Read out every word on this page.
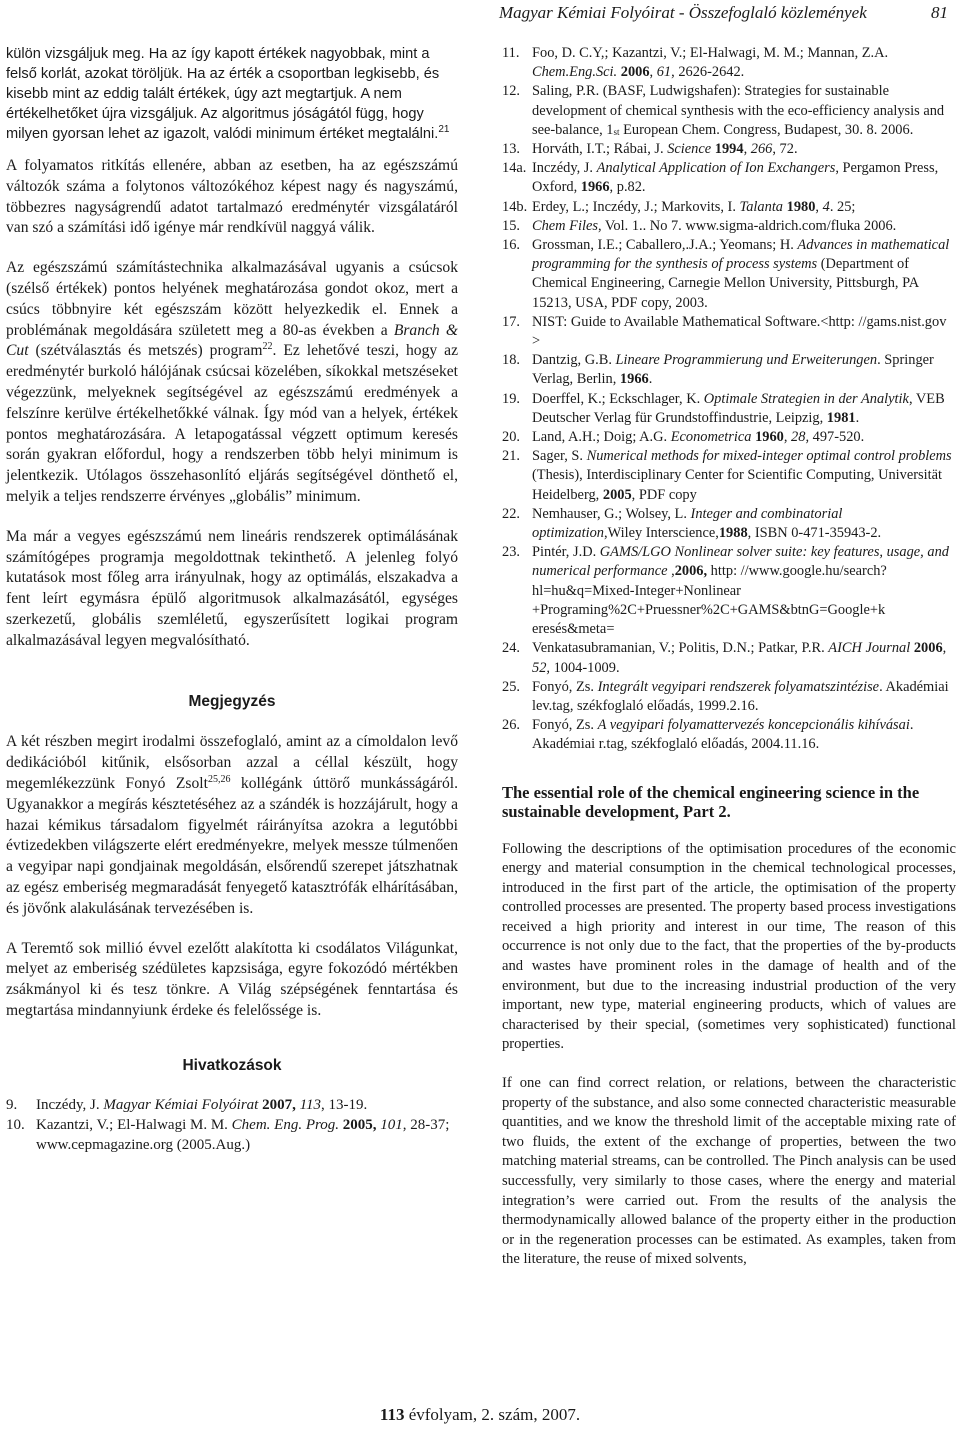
Magyar Kémiai Folyóirat - Összefoglaló közlemények	81

külön vizsgáljuk meg. Ha az így kapott értékek nagyobbak, mint a felső korlát, azokat töröljük. Ha az érték a csoportban legkisebb, és kisebb mint az eddig talált értékek, úgy azt megtartjuk. A nem értékelhetőket újra vizsgáljuk. Az algoritmus jóságától függ, hogy milyen gyorsan lehet az igazolt, valódi minimum értéket megtalálni.$^{21}$

A folyamatos ritkítás ellenére, abban az esetben, ha az egészszámú változók száma a folytonos változókéhoz képest nagy és nagyszámú, többezres nagyságrendű adatot tartalmazó eredménytér vizsgálatáról van szó a számítási idő igénye már rendkívül naggyá válik.

Az egészszámú számítástechnika alkalmazásával ugyanis a csúcsok (szélső értékek) pontos helyének meghatározása gondot okoz, mert a csúcs többnyire két egészszám között helyezkedik el. Ennek a problémának megoldására született meg a 80-as években a Branch & Cut (szétválasztás és metszés) program$^{22}$. Ez lehetővé teszi, hogy az eredménytér burkoló hálójának csúcsai közelében, síkokkal metszéseket végezzünk, melyeknek segítségével az egészszámú eredmények a felszínre kerülve értékelhetőkké válnak. Így mód van a helyek, értékek pontos meghatározására. A letapogatással végzett optimum keresés során gyakran előfordul, hogy a rendszerben több helyi minimum is jelentkezik. Utólagos összehasonlító eljárás segítségével dönthető el, melyik a teljes rendszerre érvényes „globális” minimum.

Ma már a vegyes egészszámú nem lineáris rendszerek optimálásának számítógépes programja megoldottnak tekinthető. A jelenleg folyó kutatások most főleg arra irányulnak, hogy az optimálás, elszakadva a fent leírt egymásra épülő algoritmusok alkalmazásától, egységes szerkezetű, globális szemléletű, egyszerűsített logikai program alkalmazásával legyen megvalósítható.

Megjegyzés

A két részben megirt irodalmi összefoglaló, amint az a címoldalon levő dedikációból kitűnik, elsősorban azzal a céllal készült, hogy megemlékezzünk Fonyó Zsolt$^{25,26}$ kollégánk úttörő munkásságáról. Ugyanakkor a megírás késztetéséhez az a szándék is hozzájárult, hogy a hazai kémikus társadalom figyelmét ráirányítsa azokra a legutóbbi évtizedekben világszerte elért eredményekre, melyek messze túlmenően a vegyipar napi gondjainak megoldásán, elsőrendű szerepet játszhatnak az egész emberiség megmaradását fenyegető katasztrófák elhárításában, és jövőnk alakulásának tervezésében is.

A Teremtő sok millió évvel ezelőtt alakította ki csodálatos Világunkat, melyet az emberiség szédületes kapzsisága, egyre fokozódó mértékben zsákmányol ki és tesz tönkre. A Világ szépségének fenntartása és megtartása mindannyiunk érdeke és felelőssége is.

Hivatkozások
9. Inczédy, J. Magyar Kémiai Folyóirat 2007, 113, 13-19.
10. Kazantzi, V.; El-Halwagi M. M. Chem. Eng. Prog. 2005, 101, 28-37; www.cepmagazine.org (2005.Aug.)
11. Foo, D. C.Y,; Kazantzi, V.; El-Halwagi, M. M.; Mannan, Z.A. Chem.Eng.Sci. 2006, 61, 2626-2642.
12. Saling, P.R. (BASF, Ludwigshafen): Strategies for sustainable development of chemical synthesis with the eco-efficiency analysis and see-balance, 1st European Chem. Congress, Budapest, 30. 8. 2006.
13. Horváth, I.T.; Rábai, J. Science 1994, 266, 72.
14a. Inczédy, J. Analytical Application of Ion Exchangers, Pergamon Press, Oxford, 1966, p.82.
14b. Erdey, L.; Inczédy, J.; Markovits, I. Talanta 1980, 4. 25;
15. Chem Files, Vol. 1.. No 7. www.sigma-aldrich.com/fluka 2006.
16. Grossman, I.E.; Caballero,.J.A.; Yeomans; H. Advances in mathematical programming for the synthesis of process systems (Department of Chemical Engineering, Carnegie Mellon University, Pittsburgh, PA 15213, USA, PDF copy, 2003.
17. NIST: Guide to Available Mathematical Software.<http: //gams.nist.gov >
18. Dantzig, G.B. Lineare Programmierung und Erweiterungen. Springer Verlag, Berlin, 1966.
19. Doerffel, K.; Eckschlager, K. Optimale Strategien in der Analytik, VEB Deutscher Verlag für Grundstoffindustrie, Leipzig, 1981.
20. Land, A.H.; Doig; A.G. Econometrica 1960, 28, 497-520.
21. Sager, S. Numerical methods for mixed-integer optimal control problems (Thesis), Interdisciplinary Center for Scientific Computing, Universität Heidelberg, 2005, PDF copy
22. Nemhauser, G.; Wolsey, L. Integer and combinatorial optimization,Wiley Interscience,1988, ISBN 0-471-35943-2.
23. Pintér, J.D. GAMS/LGO Nonlinear solver suite: key features, usage, and numerical performance ,2006, http: //www.google.hu/search?hl=hu&q=Mixed-Integer+Nonlinear +Programing%2C+Pruessner%2C+GAMS&btnG=Google+k eresés&meta=
24. Venkatasubramanian, V.; Politis, D.N.; Patkar, P.R. AICH Journal 2006, 52, 1004-1009.
25. Fonyó, Zs. Integrált vegyipari rendszerek folyamatszintézise. Akadémiai lev.tag, székfoglaló előadás, 1999.2.16.
26. Fonyó, Zs. A vegyipari folyamattervezés koncepcionális kihívásai. Akadémiai r.tag, székfoglaló előadás, 2004.11.16.
The essential role of the chemical engineering science in the sustainable development, Part 2.

Following the descriptions of the optimisation procedures of the economic energy and material consumption in the chemical technological processes, introduced in the first part of the article, the optimisation of the property controlled processes are presented. The property based process investigations received a high priority and interest in our time, The reason of this occurrence is not only due to the fact, that the properties of the by-products and wastes have prominent roles in the damage of health and of the environment, but due to the increasing industrial production of the very important, new type, material engineering products, which of values are characterised by their special, (sometimes very sophisticated) functional properties.

If one can find correct relation, or relations, between the characteristic property of the substance, and also some connected characteristic measurable quantities, and we know the threshold limit of the acceptable mixing rate of two fluids, the extent of the exchange of properties, between the two matching material streams, can be controlled. The Pinch analysis can be used successfully, very similarly to those cases, where the energy and material integration’s were carried out. From the results of the analysis the thermodynamically allowed balance of the property either in the production or in the regeneration processes can be estimated. As examples, taken from the literature, the reuse of mixed solvents,

113 évfolyam, 2. szám, 2007.
